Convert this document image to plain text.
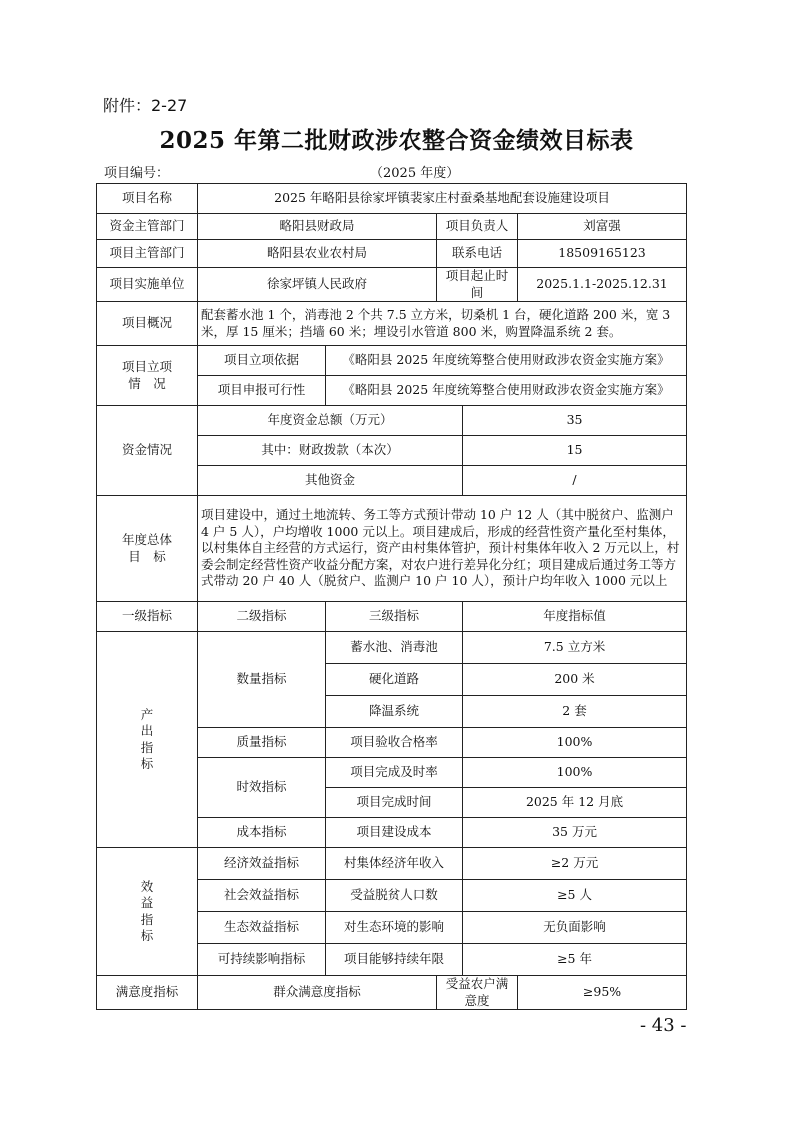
附件：2-27
2025 年第二批财政涉农整合资金绩效目标表
项目编号：	（2025 年度）
项目名称	2025 年略阳县徐家坪镇裴家庄村蚕桑基地配套设施建设项目				
资金主管部门	略阳县财政局		项目负责人		刘富强
项目主管部门	略阳县农业农村局		联系电话		18509165123
项目实施单位	徐家坪镇人民政府		项目起止时间		2025.1.1-2025.12.31
项目概况	配套蓄水池 1 个，消毒池 2 个共 7.5 立方米，切桑机 1 台，硬化道路 200 米，宽 3 米，厚 15 厘米；挡墙 60 米；埋设引水管道 800 米，购置降温系统 2 套。				

项目立项
情　况	项目立项依据	《略阳县 2025 年度统筹整合使用财政涉农资金实施方案》			
	项目申报可行性	《略阳县 2025 年度统筹整合使用财政涉农资金实施方案》			
资金情况	年度资金总额（万元）			35	
	其中：财政拨款（本次）			15	
	其他资金			/	

年度总体
目　标	项目建设中，通过土地流转、务工等方式预计带动 10 户 12 人（其中脱贫户、监测户 4 户 5 人），户均增收 1000 元以上。项目建成后，形成的经营性资产量化至村集体，以村集体自主经营的方式运行，资产由村集体管护，预计村集体年收入 2 万元以上，村委会制定经营性资产收益分配方案，对农户进行差异化分红；项目建成后通过务工等方式带动 20 户 40 人（脱贫户、监测户 10 户 10 人），预计户均年收入 1000 元以上				
一级指标	二级指标	三级指标		年度指标值	

产
出
指
标	数量指标	蓄水池、消毒池		7.5 立方米	
		硬化道路		200 米	
		降温系统		2 套	
	质量指标	项目验收合格率		100%	
	时效指标	项目完成及时率		100%	
		项目完成时间		2025 年 12 月底	
	成本指标	项目建设成本		35 万元	

效
益
指
标	经济效益指标	村集体经济年收入		≥2 万元	
	社会效益指标	受益脱贫人口数		≥5 人	
	生态效益指标	对生态环境的影响		无负面影响	
	可持续影响指标	项目能够持续年限		≥5 年	
满意度指标	群众满意度指标		受益农户满意度		≥95%
- 43 -
